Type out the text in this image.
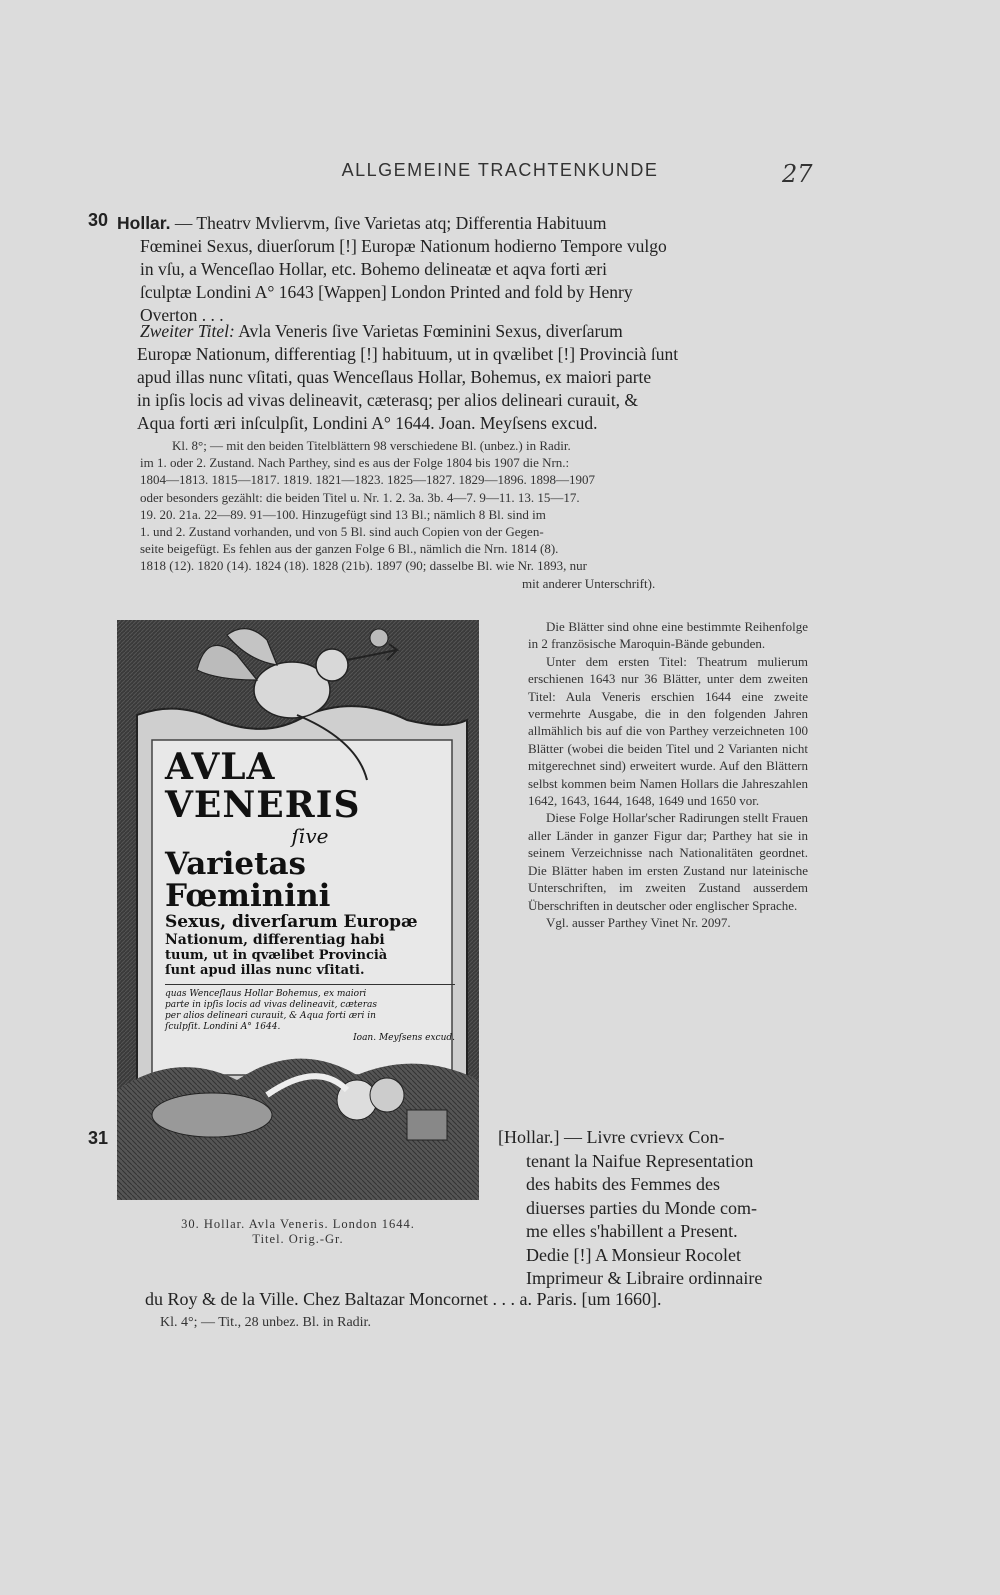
ALLGEMEINE TRACHTENKUNDE	27
30 Hollar. — Theatrv Mvliervm, ſive Varietas atq; Differentia Habituum
Fœminei Sexus, diuerſorum [!] Europæ Nationum hodierno Tempore vulgo
in vſu, a Wenceſlao Hollar, etc. Bohemo delineatæ et aqva forti æri
ſculptæ Londini A° 1643 [Wappen] London Printed and fold by Henry
Overton . . .
Zweiter Titel: Avla Veneris ſive Varietas Fœminini Sexus, diverſarum
Europæ Nationum, differentiag [!] habituum, ut in qvælibet [!] Provincià ſunt
apud illas nunc vſitati, quas Wenceſlaus Hollar, Bohemus, ex maiori parte
in ipſis locis ad vivas delineavit, cæterasq; per alios delineari curauit, &
Aqua forti æri inſculpſit, Londini A° 1644. Joan. Meyſsens excud.
Kl. 8°; — mit den beiden Titelblättern 98 verschiedene Bl. (unbez.) in Radir.
im 1. oder 2. Zustand. Nach Parthey, sind es aus der Folge 1804 bis 1907 die Nrn.:
1804—1813. 1815—1817. 1819. 1821—1823. 1825—1827. 1829—1896. 1898—1907
oder besonders gezählt: die beiden Titel u. Nr. 1. 2. 3a. 3b. 4—7. 9—11. 13. 15—17.
19. 20. 21a. 22—89. 91—100. Hinzugefügt sind 13 Bl.; nämlich 8 Bl. sind im
1. und 2. Zustand vorhanden, und von 5 Bl. sind auch Copien von der Gegen-
seite beigefügt. Es fehlen aus der ganzen Folge 6 Bl., nämlich die Nrn. 1814 (8).
1818 (12). 1820 (14). 1824 (18). 1828 (21b). 1897 (90; dasselbe Bl. wie Nr. 1893, nur
mit anderer Unterschrift).
AVLA VENERIS
ſive
Varietas Fœminini
Sexus, diverſarum Europæ
Nationum, differentiag habi
tuum, ut in qvælibet Provincià
ſunt apud illas nunc vſitati.
quas Wenceſlaus Hollar Bohemus, ex maiori
parte in ipſis locis ad vivas delineavit, cæteras
per alios delineari curauit, & Aqua forti æri in
ſculpſit. Londini A° 1644.
Ioan. Meyſsens excud.
30. Hollar. Avla Veneris. London 1644.
Titel. Orig.-Gr.

Die Blätter sind ohne eine bestimmte Reihenfolge in 2 französische Maroquin-Bände gebunden.

Unter dem ersten Titel: Theatrum mulierum erschienen 1643 nur 36 Blätter, unter dem zweiten Titel: Aula Veneris erschien 1644 eine zweite vermehrte Ausgabe, die in den folgenden Jahren allmählich bis auf die von Parthey verzeichneten 100 Blätter (wobei die beiden Titel und 2 Varianten nicht mitgerechnet sind) erweitert wurde. Auf den Blättern selbst kommen beim Namen Hollars die Jahreszahlen 1642, 1643, 1644, 1648, 1649 und 1650 vor.

Diese Folge Hollar'scher Radirungen stellt Frauen aller Länder in ganzer Figur dar; Parthey hat sie in seinem Verzeichnisse nach Nationalitäten geordnet. Die Blätter haben im ersten Zustand nur lateinische Unterschriften, im zweiten Zustand ausserdem Überschriften in deutscher oder englischer Sprache.

Vgl. ausser Parthey Vinet Nr. 2097.

31	[Hollar.] — Livre cvrievx Con-
tenant la Naifue Representation
des habits des Femmes des
diuerses parties du Monde com-
me elles s'habillent a Present.
Dedie [!] A Monsieur Rocolet
Imprimeur & Libraire ordinnaire
du Roy & de la Ville. Chez Baltazar Moncornet . . . a. Paris. [um 1660].
Kl. 4°; — Tit., 28 unbez. Bl. in Radir.
